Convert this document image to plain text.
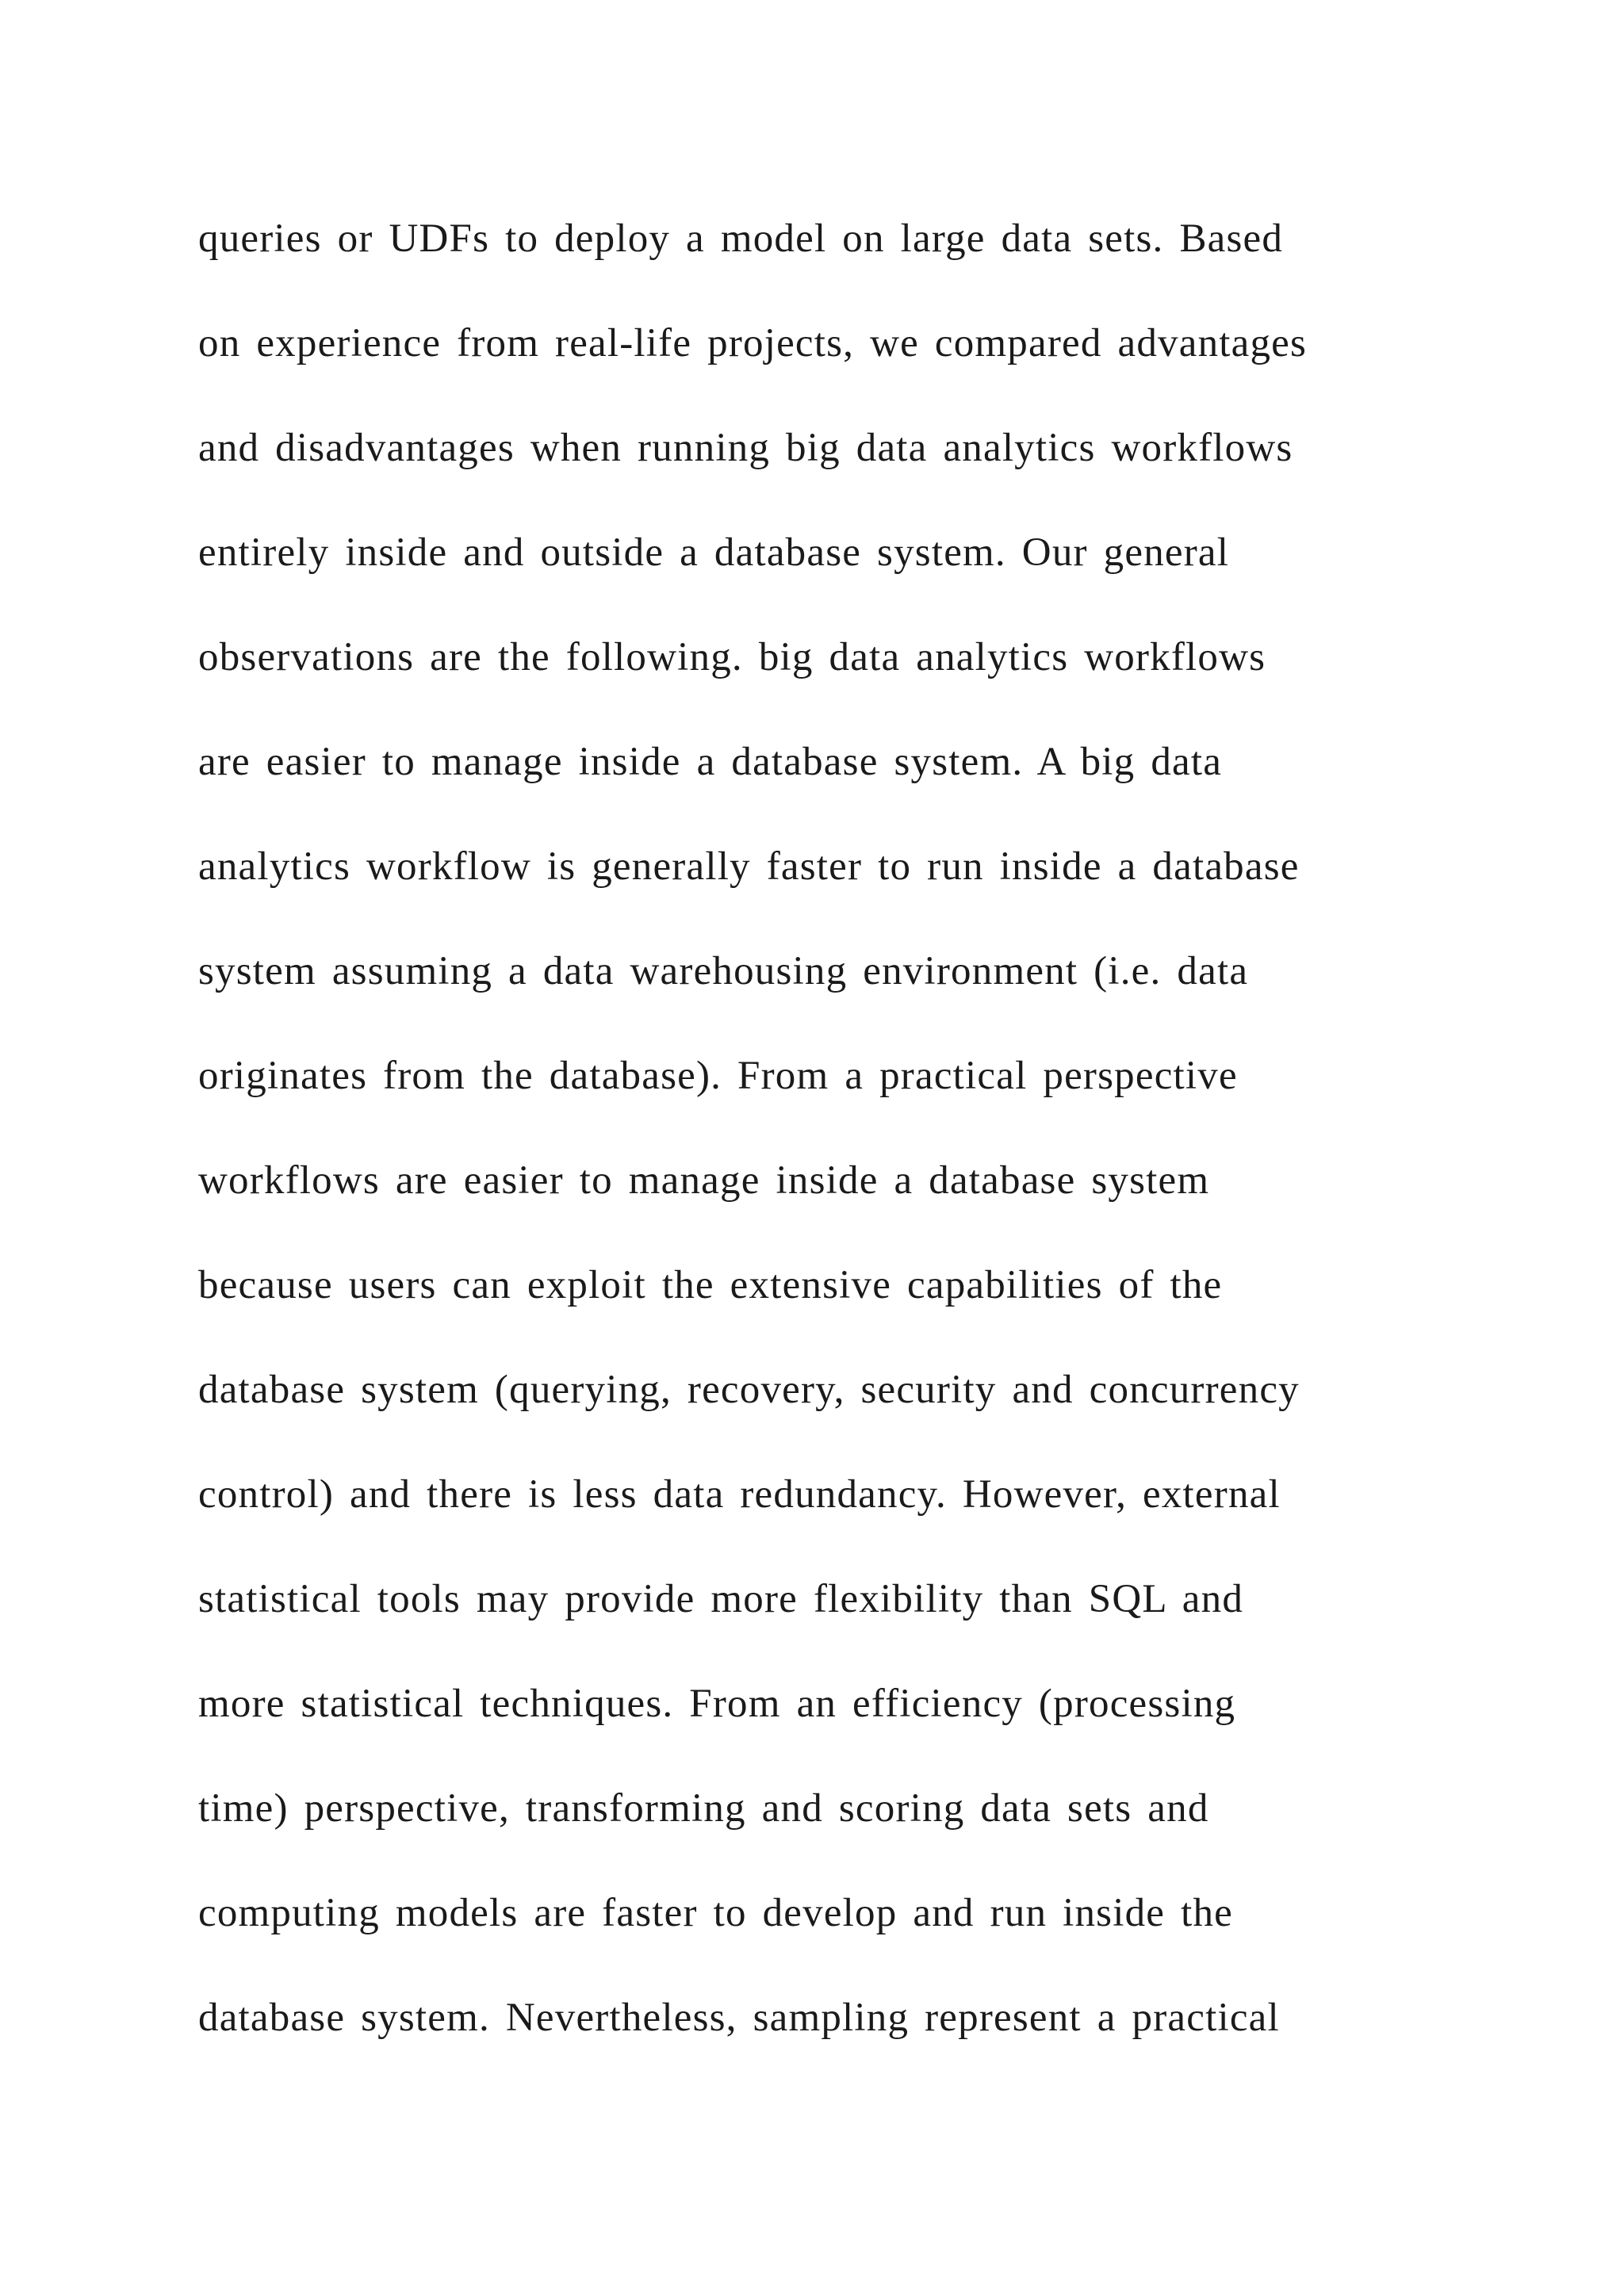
queries or UDFs to deploy a model on large data sets. Based
on experience from real-life projects, we compared advantages
and disadvantages when running big data analytics workflows
entirely inside and outside a database system. Our general
observations are the following. big data analytics workflows
are easier to manage inside a database system. A big data
analytics workflow is generally faster to run inside a database
system assuming a data warehousing environment (i.e. data
originates from the database). From a practical perspective
workflows are easier to manage inside a database system
because users can exploit the extensive capabilities of the
database system (querying, recovery, security and concurrency
control) and there is less data redundancy. However, external
statistical tools may provide more flexibility than SQL and
more statistical techniques. From an efficiency (processing
time) perspective, transforming and scoring data sets and
computing models are faster to develop and run inside the
database system. Nevertheless, sampling represent a practical
